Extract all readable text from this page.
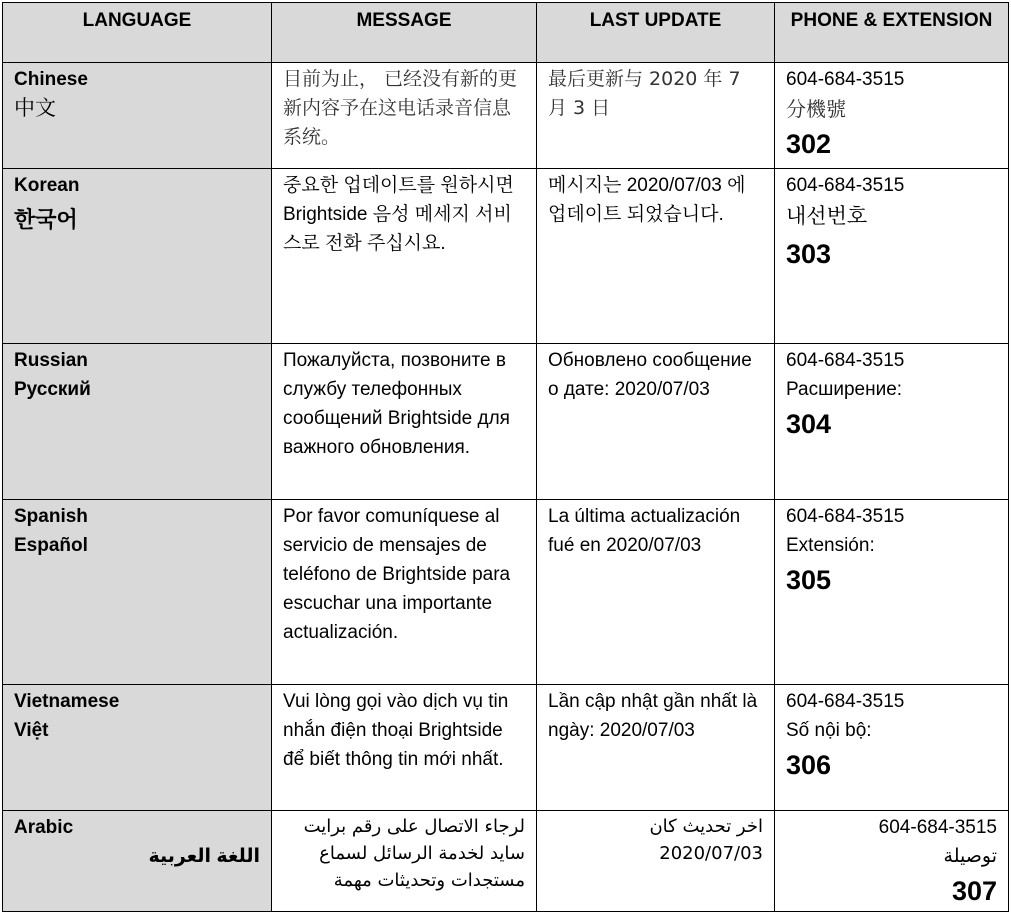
LANGUAGE	MESSAGE	LAST UPDATE	PHONE & EXTENSION
Chinese
中文	目前为止， 已经没有新的更新内容予在这电话录音信息系统。	最后更新与 2020 年 7 月 3 日	604-684-3515
分機號
302

Korean
한국어	중요한 업데이트를 원하시면 Brightside 음성 메세지 서비스로 전화 주십시요.	메시지는 2020/07/03 에 업데이트 되었습니다.	604-684-3515
내선번호
303

Russian
Русский	Пожалуйста, позвоните в службу телефонных сообщений Brightside для важного обновления.	Обновлено сообщение о дате: 2020/07/03	604-684-3515
Расширение:
304

Spanish
Español	Por favor comuníquese al servicio de mensajes de teléfono de Brightside para escuchar una importante actualización.	La última actualización fué en 2020/07/03	604-684-3515
Extensión:
305

Vietnamese
Việt	Vui lòng gọi vào dịch vụ tin nhắn điện thoại Brightside để biết thông tin mới nhất.	Lần cập nhật gần nhất là ngày: 2020/07/03	604-684-3515
Số nội bộ:
306

Arabic
اللغة العربية	لرجاء الاتصال على رقم برايت ساید لخدمة الرسائل لسماع مستجدات وتحديثات مهمة	اخر تحديث كان 2020/07/03	604-684-3515
توصيلة
307
